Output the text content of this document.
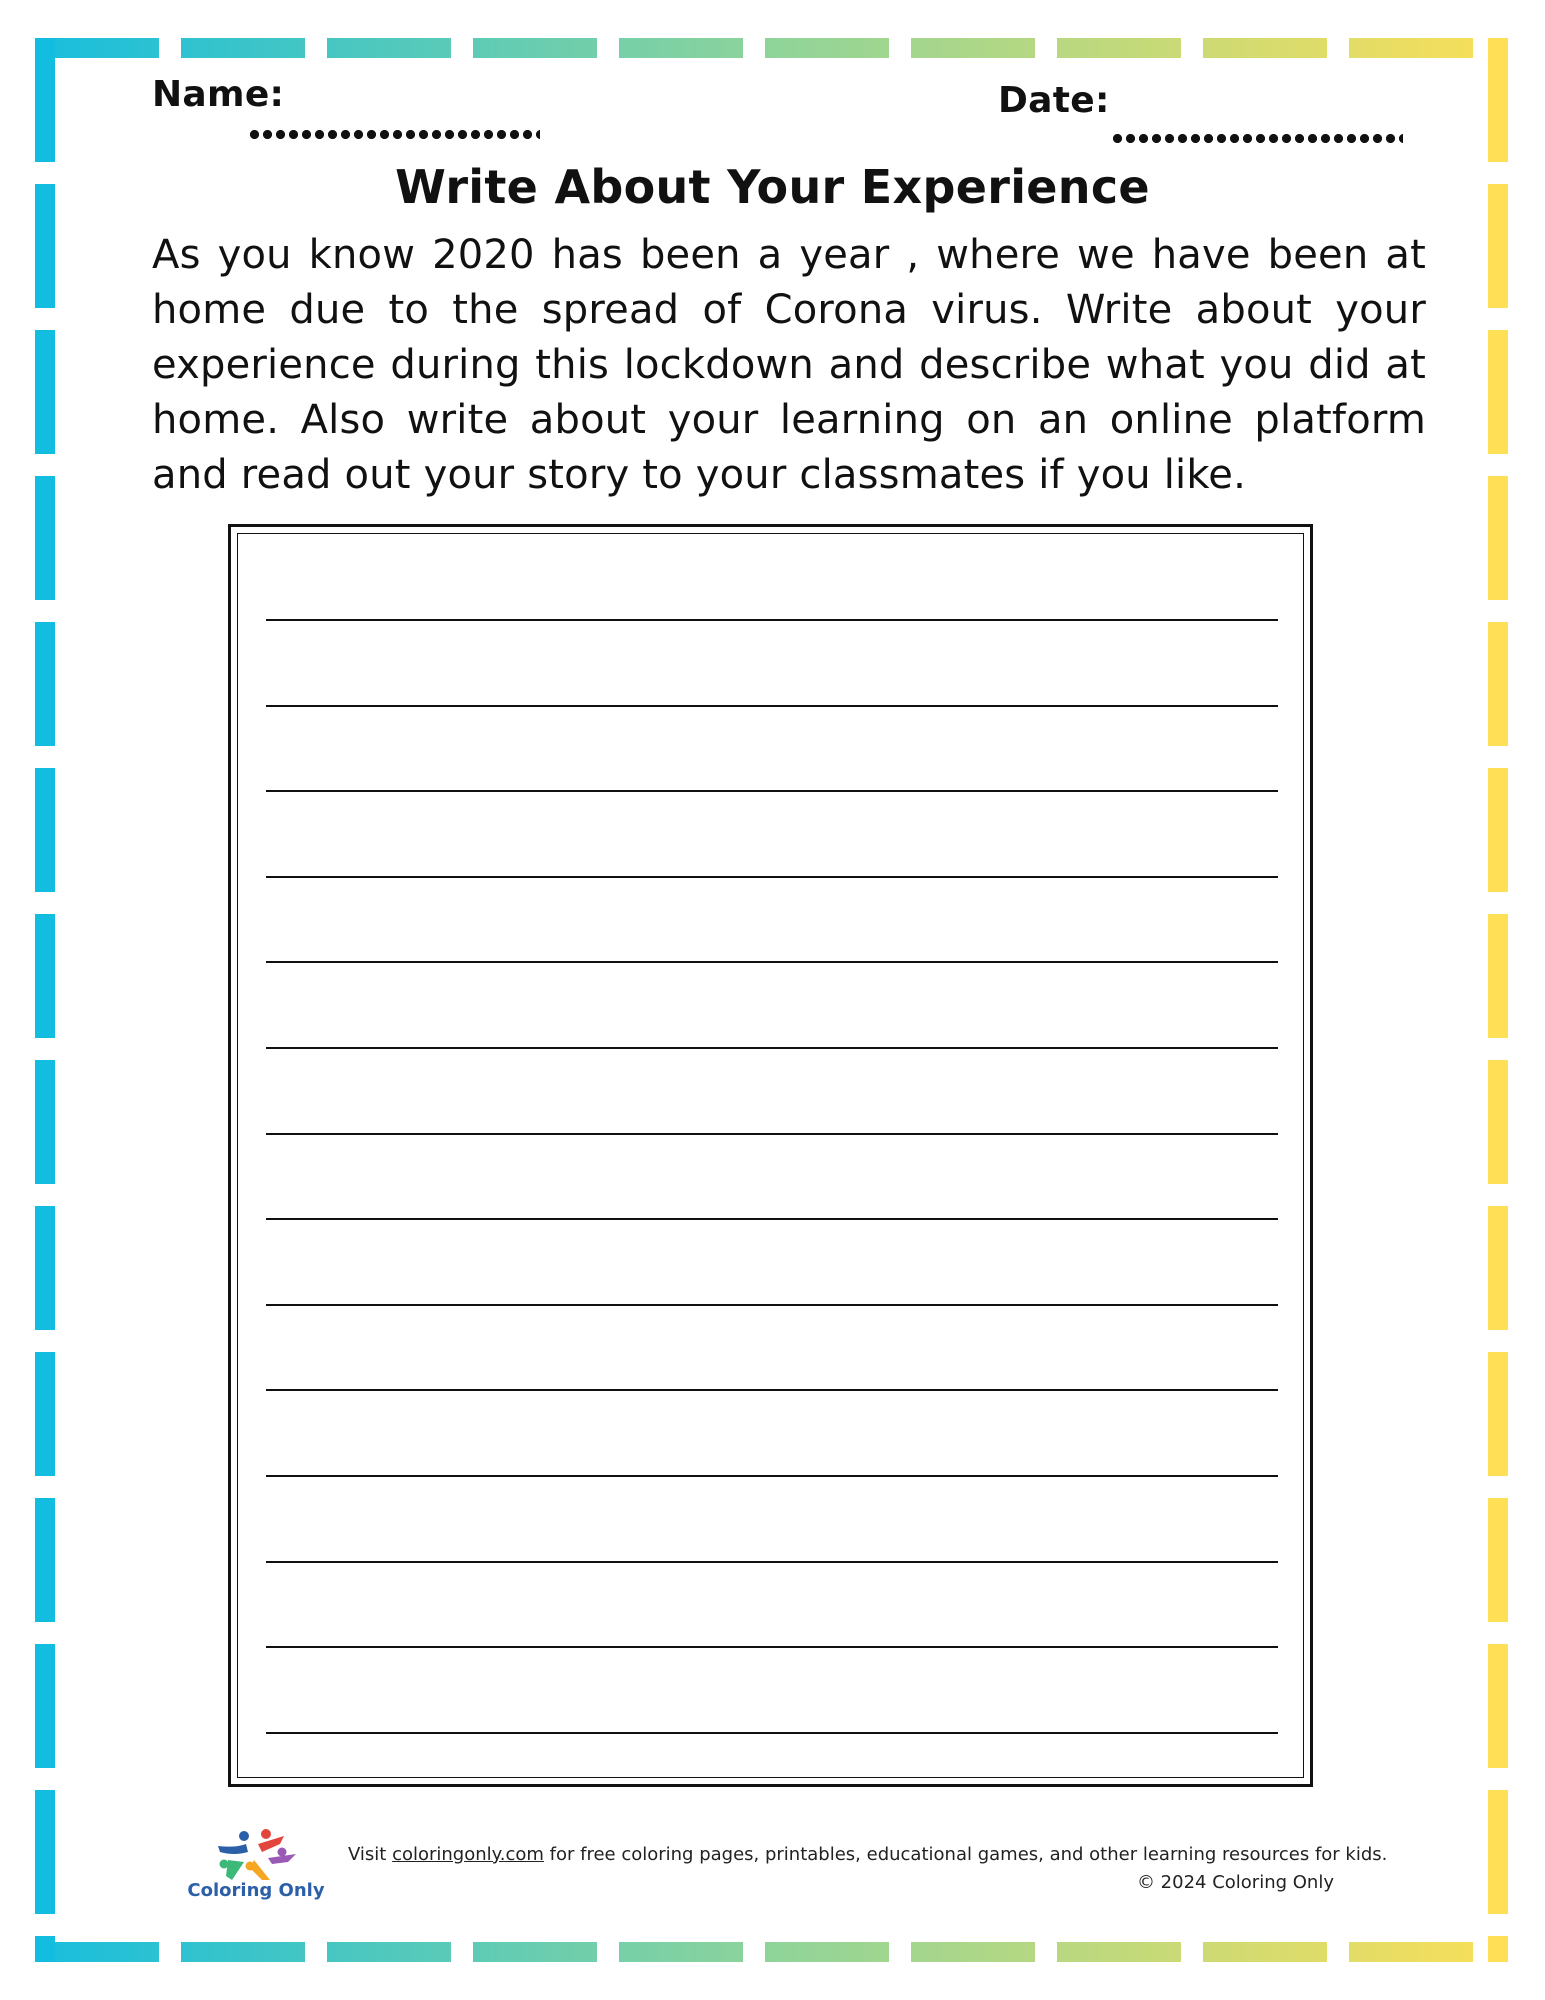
Name:	Date:
Write About Your Experience
As you know 2020 has been a year , where we have been at home due to the spread of Corona virus. Write about your experience during this lockdown and describe what you did at home. Also write about your learning on an online platform and read out your story to your classmates if you like.
Coloring Only
Visit coloringonly.com for free coloring pages, printables, educational games, and other learning resources for kids.
© 2024 Coloring Only
